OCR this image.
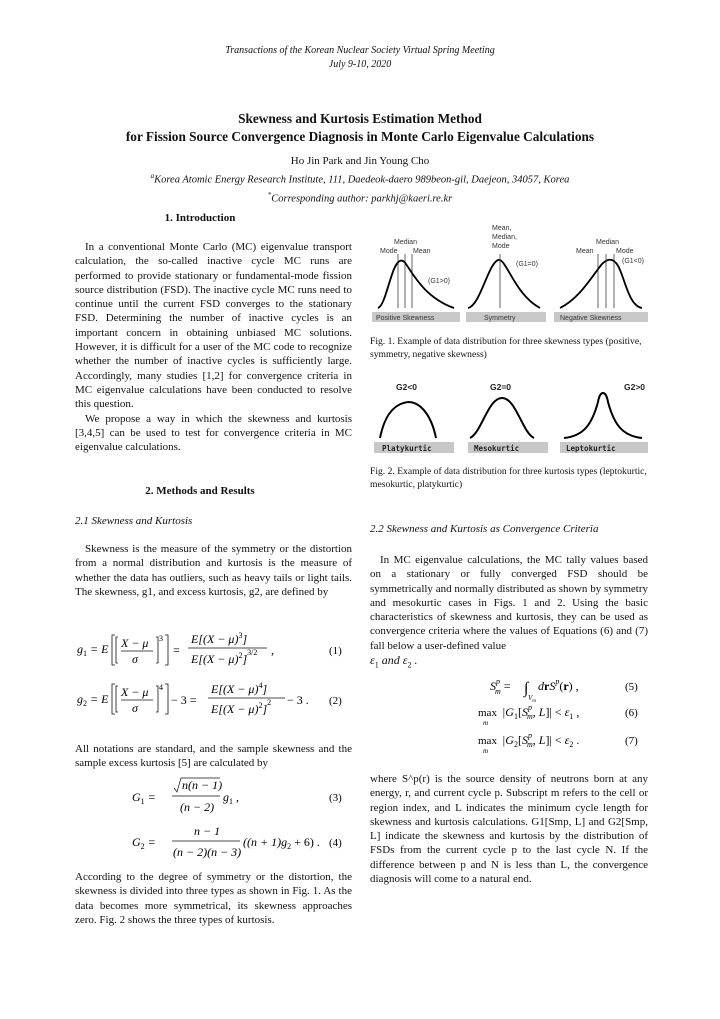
Transactions of the Korean Nuclear Society Virtual Spring Meeting
July 9-10, 2020
Skewness and Kurtosis Estimation Method
for Fission Source Convergence Diagnosis in Monte Carlo Eigenvalue Calculations
Ho Jin Park and Jin Young Cho
$^a$Korea Atomic Energy Research Institute, 111, Daedeok-daero 989beon-gil, Daejeon, 34057, Korea
*Corresponding author: parkhj@kaeri.re.kr
1. Introduction

In a conventional Monte Carlo (MC) eigenvalue transport calculation, the so-called inactive cycle MC runs are performed to provide stationary or fundamental-mode fission source distribution (FSD). The inactive cycle MC runs need to continue until the current FSD converges to the stationary FSD. Determining the number of inactive cycles is an important concern in obtaining unbiased MC solutions. However, it is difficult for a user of the MC code to recognize whether the number of inactive cycles is sufficiently large. Accordingly, many studies [1,2] for convergence criteria in MC eigenvalue calculations have been conducted to resolve this question.

We propose a way in which the skewness and kurtosis [3,4,5] can be used to test for convergence criteria in MC eigenvalue calculations.

2. Methods and Results
2.1 Skewness and Kurtosis

Skewness is the measure of the symmetry or the distortion from a normal distribution and kurtosis is the measure of whether the data has outliers, such as heavy tails or light tails. The skewness, g1, and excess kurtosis, g2, are defined by

$g_1 = E$ X − μ
σ
3
=
$E[(X - \mu)^3]$
$E[(X - \mu)^2]^{3/2}$ ,	(1)
$g_2 = E$ X − μ
σ
4
− 3 =
$E[(X - \mu)^4]$
$E[(X - \mu)^2]^2 - 3$ . (2)

All notations are standard, and the sample skewness and the sample excess kurtosis [5] are calculated by

$G_1$ =
n(n − 1)
(n − 2)
$g_1$ ,	(3)
$G_2$ =
n − 1
(n − 2)(n − 3)
$((n + 1)g_2 + 6)$ . (4)

According to the degree of symmetry or the distortion, the skewness is divided into three types as shown in Fig. 1. As the data becomes more symmetrical, its skewness approaches zero. Fig. 2 shows the three types of kurtosis.

Median
Mode Mean
(G1>0)
Positive Skewness
Mean,
Median,
Mode
(G1=0)
Symmetry
Median
Mean	Mode
(G1<0)
Negative Skewness
Fig. 1. Example of data distribution for three skewness types (positive, symmetry, negative skewness)
G2<0
Platykurtic
G2=0
Mesokurtic
G2>0
Leptokurtic
Fig. 2. Example of data distribution for three kurtosis types (leptokurtic, mesokurtic, platykurtic)
2.2 Skewness and Kurtosis as Convergence Criteria

In MC eigenvalue calculations, the MC tally values based on a stationary or fully converged FSD should be symmetrically and normally distributed as shown by symmetry and mesokurtic cases in Figs. 1 and 2. Using the basic characteristics of skewness and kurtosis, they can be used as convergence criteria where the values of Equations (6) and (7) fall below a user-defined value

$\varepsilon_1$ and $\varepsilon_2$ .
$S^p$ m = ∫
$V_m$
drS$^p$(r) ,	(5)
max
m
$|G_1[S^p$ m, $L]| < \varepsilon_1$ ,	(6)
max
m
$|G_2[S^p$ m, $L]| < \varepsilon_2$ .	(7)

where S^p(r) is the source density of neutrons born at any energy, r, and current cycle p. Subscript m refers to the cell or region index, and L indicates the minimum cycle length for skewness and kurtosis calculations. G1[Smp, L] and G2[Smp, L] indicate the skewness and kurtosis by the distribution of FSDs from the current cycle p to the last cycle N. If the difference between p and N is less than L, the convergence diagnosis will come to a natural end.
